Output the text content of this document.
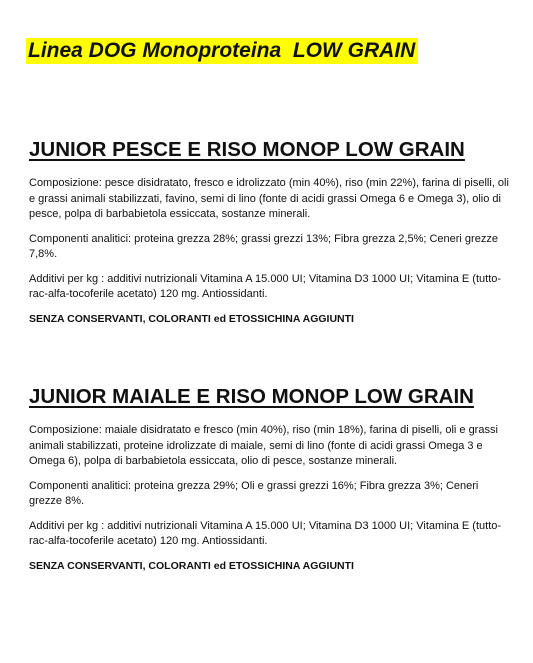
Linea DOG Monoproteina  LOW GRAIN
JUNIOR PESCE E RISO MONOP LOW GRAIN

Composizione: pesce disidratato, fresco e idrolizzato (min 40%), riso (min 22%), farina di piselli, oli e grassi animali stabilizzati, favino, semi di lino (fonte di acidi grassi Omega 6 e Omega 3), olio di pesce, polpa di barbabietola essiccata, sostanze minerali.

Componenti analitici: proteina grezza 28%; grassi grezzi 13%; Fibra grezza 2,5%; Ceneri grezze 7,8%.

Additivi per kg : additivi nutrizionali Vitamina A 15.000 UI; Vitamina D3 1000 UI; Vitamina E (tutto-rac-alfa-tocoferile acetato) 120 mg. Antiossidanti.

SENZA CONSERVANTI, COLORANTI ed ETOSSICHINA AGGIUNTI

JUNIOR MAIALE E RISO MONOP LOW GRAIN

Composizione: maiale disidratato e fresco (min 40%), riso (min 18%), farina di piselli, oli e grassi animali stabilizzati, proteine idrolizzate di maiale, semi di lino (fonte di acidi grassi Omega 3 e Omega 6), polpa di barbabietola essiccata, olio di pesce, sostanze minerali.

Componenti analitici: proteina grezza 29%; Oli e grassi grezzi 16%; Fibra grezza 3%; Ceneri grezze 8%.

Additivi per kg : additivi nutrizionali Vitamina A 15.000 UI; Vitamina D3 1000 UI; Vitamina E (tutto-rac-alfa-tocoferile acetato) 120 mg. Antiossidanti.

SENZA CONSERVANTI, COLORANTI ed ETOSSICHINA AGGIUNTI
